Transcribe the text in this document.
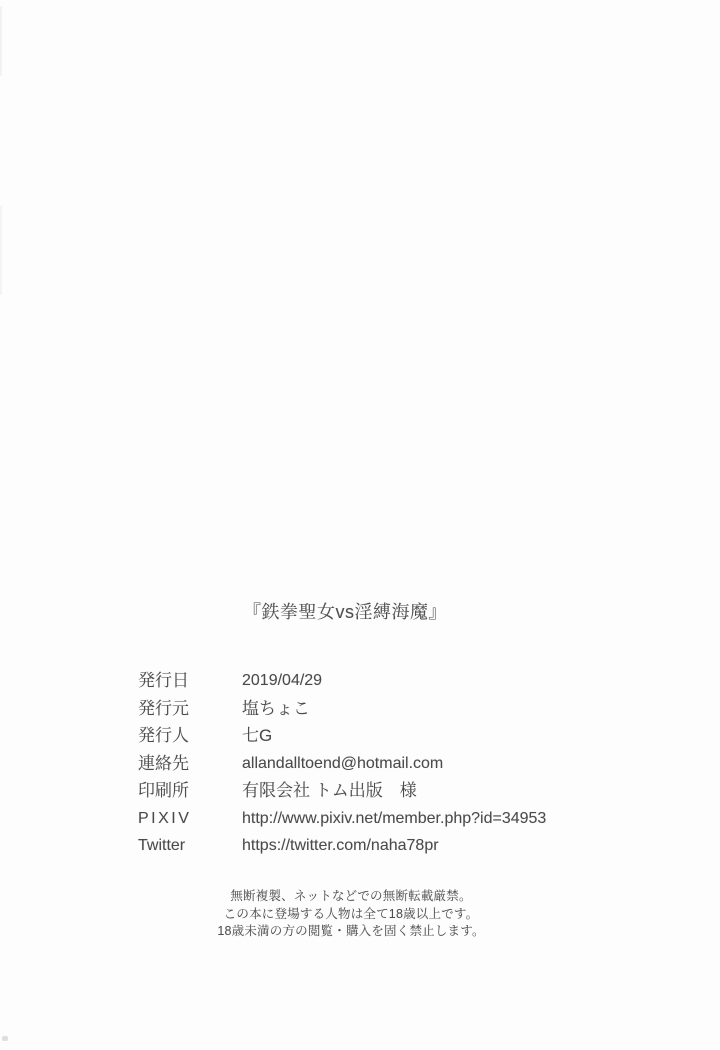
『鉄拳聖女vs淫縛海魔』
発行日	2019/04/29
発行元	塩ちょこ
発行人	七G
連絡先	allandalltoend@hotmail.com
印刷所	有限会社 トム出版　様
PIXIV	http://www.pixiv.net/member.php?id=34953
Twitter	https://twitter.com/naha78pr
無断複製、ネットなどでの無断転載厳禁。
この本に登場する人物は全て18歳以上です。
18歳未満の方の閲覧・購入を固く禁止します。
